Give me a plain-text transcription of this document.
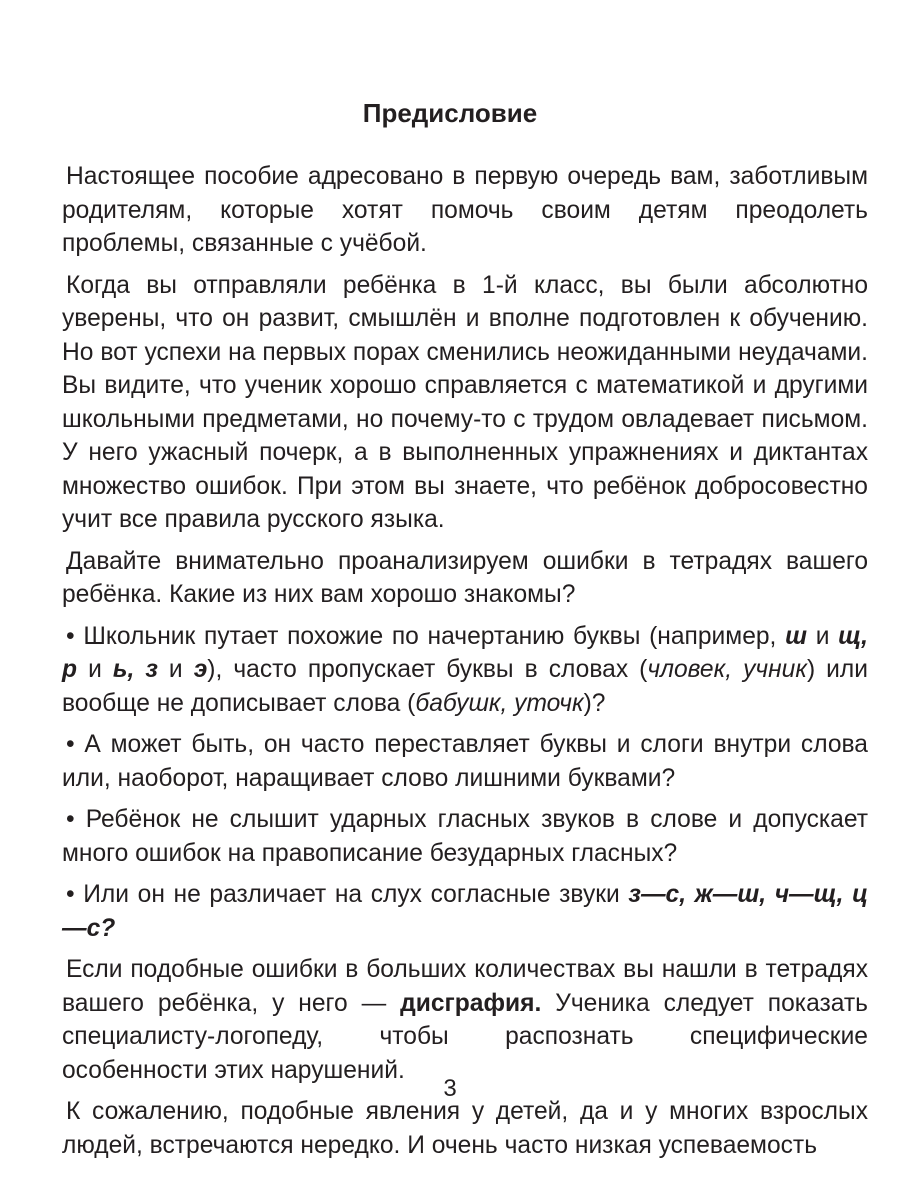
Предисловие

Настоящее пособие адресовано в первую очередь вам, заботливым родителям, которые хотят помочь своим детям преодолеть проблемы, связанные с учёбой.

Когда вы отправляли ребёнка в 1-й класс, вы были абсолютно уверены, что он развит, смышлён и вполне подготовлен к обучению. Но вот успехи на первых порах сменились неожиданными неудачами. Вы видите, что ученик хорошо справляется с математикой и другими школьными предметами, но почему-то с трудом овладевает письмом. У него ужасный почерк, а в выполненных упражнениях и диктантах множество ошибок. При этом вы знаете, что ребёнок добросовестно учит все правила русского языка.

Давайте внимательно проанализируем ошибки в тетрадях вашего ребёнка. Какие из них вам хорошо знакомы?

• Школьник путает похожие по начертанию буквы (например, ш и щ, р и ь, з и э), часто пропускает буквы в словах (чловек, учник) или вообще не дописывает слова (бабушк, уточк)?

• А может быть, он часто переставляет буквы и слоги внутри слова или, наоборот, наращивает слово лишними буквами?

• Ребёнок не слышит ударных гласных звуков в слове и допускает много ошибок на правописание безударных гласных?

• Или он не различает на слух согласные звуки з—с, ж—ш, ч—щ, ц—с?

Если подобные ошибки в больших количествах вы нашли в тетрадях вашего ребёнка, у него — дисграфия. Ученика следует показать специалисту-логопеду, чтобы распознать специфические особенности этих нарушений.

К сожалению, подобные явления у детей, да и у многих взрослых людей, встречаются нередко. И очень часто низкая успеваемость

3
